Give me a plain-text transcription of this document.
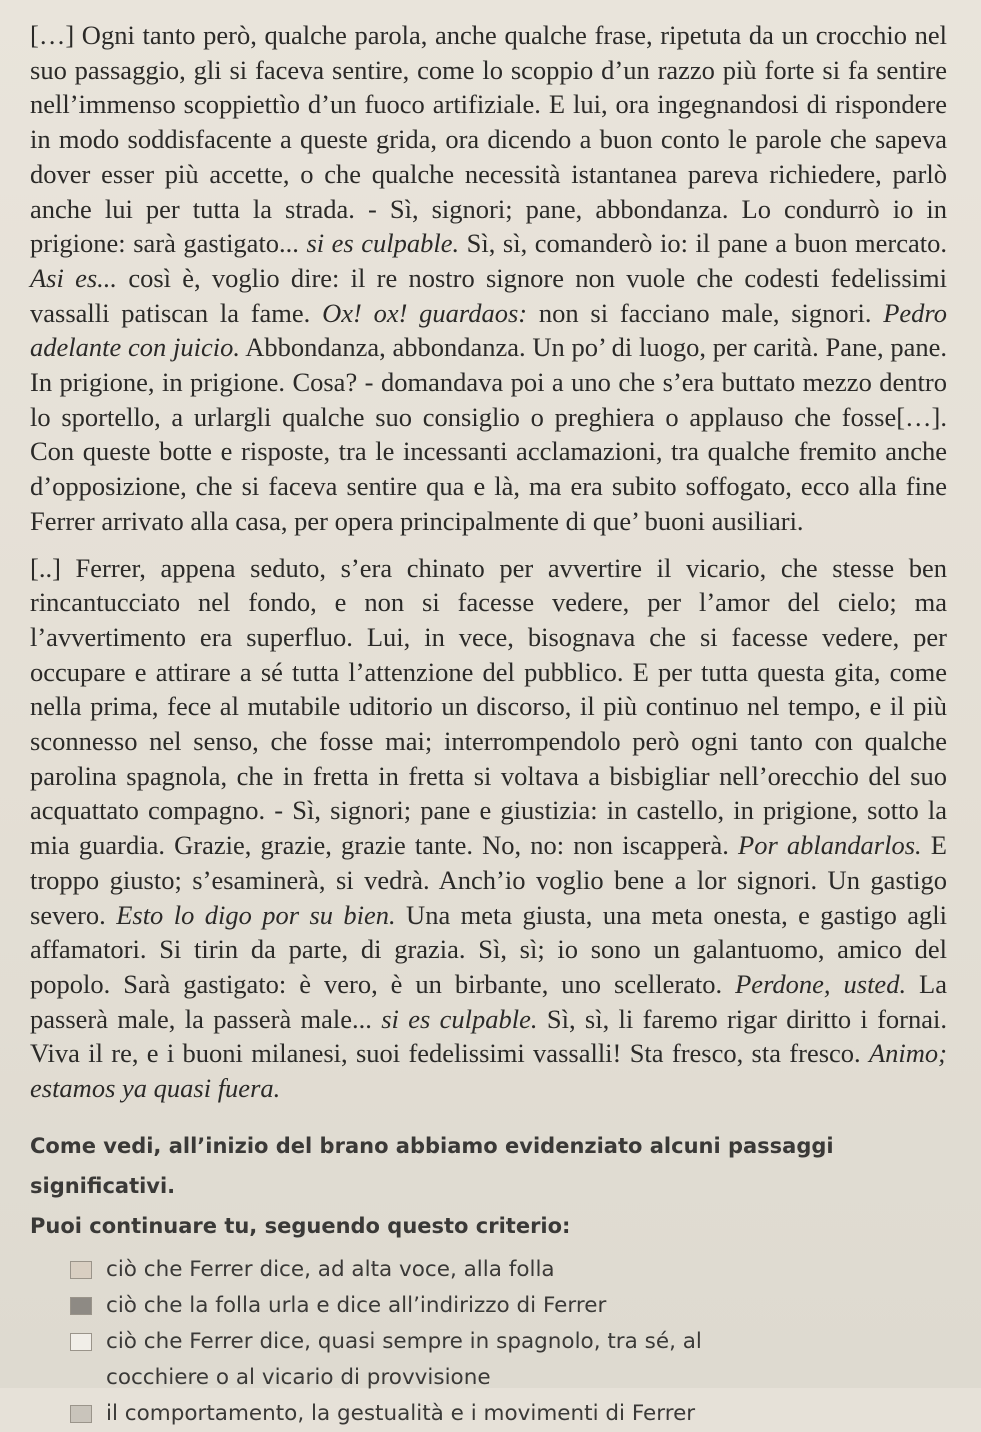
[…] Ogni tanto però, qualche parola, anche qualche frase, ripetuta da un crocchio nel suo passaggio, gli si faceva sentire, come lo scoppio d’un razzo più forte si fa sentire nell’immenso scoppiettìo d’un fuoco artifiziale. E lui, ora ingegnandosi di rispondere in modo soddisfacente a queste grida, ora dicendo a buon conto le parole che sapeva dover esser più accette, o che qualche necessità istantanea pareva richiedere, parlò anche lui per tutta la strada. - Sì, signori; pane, abbondanza. Lo condurrò io in prigione: sarà gastigato... si es culpable. Sì, sì, comanderò io: il pane a buon mercato. Asi es... così è, voglio dire: il re nostro signore non vuole che codesti fedelissimi vassalli patiscan la fame. Ox! ox! guardaos: non si facciano male, signori. Pedro adelante con juicio. Abbondanza, abbondanza. Un po’ di luogo, per carità. Pane, pane. In prigione, in prigione. Cosa? - domandava poi a uno che s’era buttato mezzo dentro lo sportello, a urlargli qualche suo consiglio o preghiera o applauso che fosse[…]. Con queste botte e risposte, tra le incessanti acclamazioni, tra qualche fremito anche d’opposizione, che si faceva sentire qua e là, ma era subito soffogato, ecco alla fine Ferrer arrivato alla casa, per opera principalmente di que’ buoni ausiliari.

[..] Ferrer, appena seduto, s’era chinato per avvertire il vicario, che stesse ben rincantucciato nel fondo, e non si facesse vedere, per l’amor del cielo; ma l’avvertimento era superfluo. Lui, in vece, bisognava che si facesse vedere, per occupare e attirare a sé tutta l’attenzione del pubblico. E per tutta questa gita, come nella prima, fece al mutabile uditorio un discorso, il più continuo nel tempo, e il più sconnesso nel senso, che fosse mai; interrompendolo però ogni tanto con qualche parolina spagnola, che in fretta in fretta si voltava a bisbigliar nell’orecchio del suo acquattato compagno. - Sì, signori; pane e giustizia: in castello, in prigione, sotto la mia guardia. Grazie, grazie, grazie tante. No, no: non iscapperà. Por ablandarlos. E troppo giusto; s’esaminerà, si vedrà. Anch’io voglio bene a lor signori. Un gastigo severo. Esto lo digo por su bien. Una meta giusta, una meta onesta, e gastigo agli affamatori. Si tirin da parte, di grazia. Sì, sì; io sono un galantuomo, amico del popolo. Sarà gastigato: è vero, è un birbante, uno scellerato. Perdone, usted. La passerà male, la passerà male... si es culpable. Sì, sì, li faremo rigar diritto i fornai. Viva il re, e i buoni milanesi, suoi fedelissimi vassalli! Sta fresco, sta fresco. Animo; estamos ya quasi fuera.

Come vedi, all’inizio del brano abbiamo evidenziato alcuni passaggi significativi.

Puoi continuare tu, seguendo questo criterio:

ciò che Ferrer dice, ad alta voce, alla folla
ciò che la folla urla e dice all’indirizzo di Ferrer
ciò che Ferrer dice, quasi sempre in spagnolo, tra sé, al cocchiere o al vicario di provvisione
il comportamento, la gestualità e i movimenti di Ferrer
